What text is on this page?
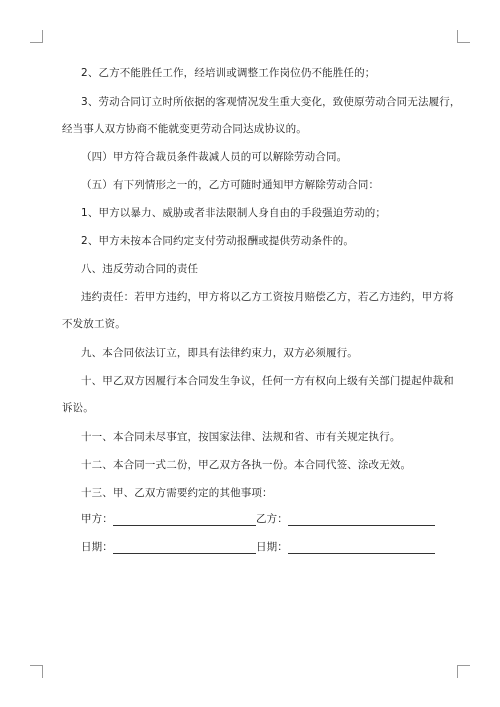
2、乙方不能胜任工作，经培训或调整工作岗位仍不能胜任的；

3、劳动合同订立时所依据的客观情况发生重大变化，致使原劳动合同无法履行，

经当事人双方协商不能就变更劳动合同达成协议的。

（四）甲方符合裁员条件裁减人员的可以解除劳动合同。

（五）有下列情形之一的，乙方可随时通知甲方解除劳动合同：

1、甲方以暴力、威胁或者非法限制人身自由的手段强迫劳动的；

2、甲方未按本合同约定支付劳动报酬或提供劳动条件的。

八、违反劳动合同的责任

违约责任：若甲方违约，甲方将以乙方工资按月赔偿乙方，若乙方违约，甲方将

不发放工资。

九、本合同依法订立，即具有法律约束力，双方必须履行。

十、甲乙双方因履行本合同发生争议，任何一方有权向上级有关部门提起仲裁和

诉讼。

十一、本合同未尽事宜，按国家法律、法规和省、市有关规定执行。

十二、本合同一式二份，甲乙双方各执一份。本合同代签、涂改无效。

十三、甲、乙双方需要约定的其他事项：

甲方：	乙方：
日期：	日期：
